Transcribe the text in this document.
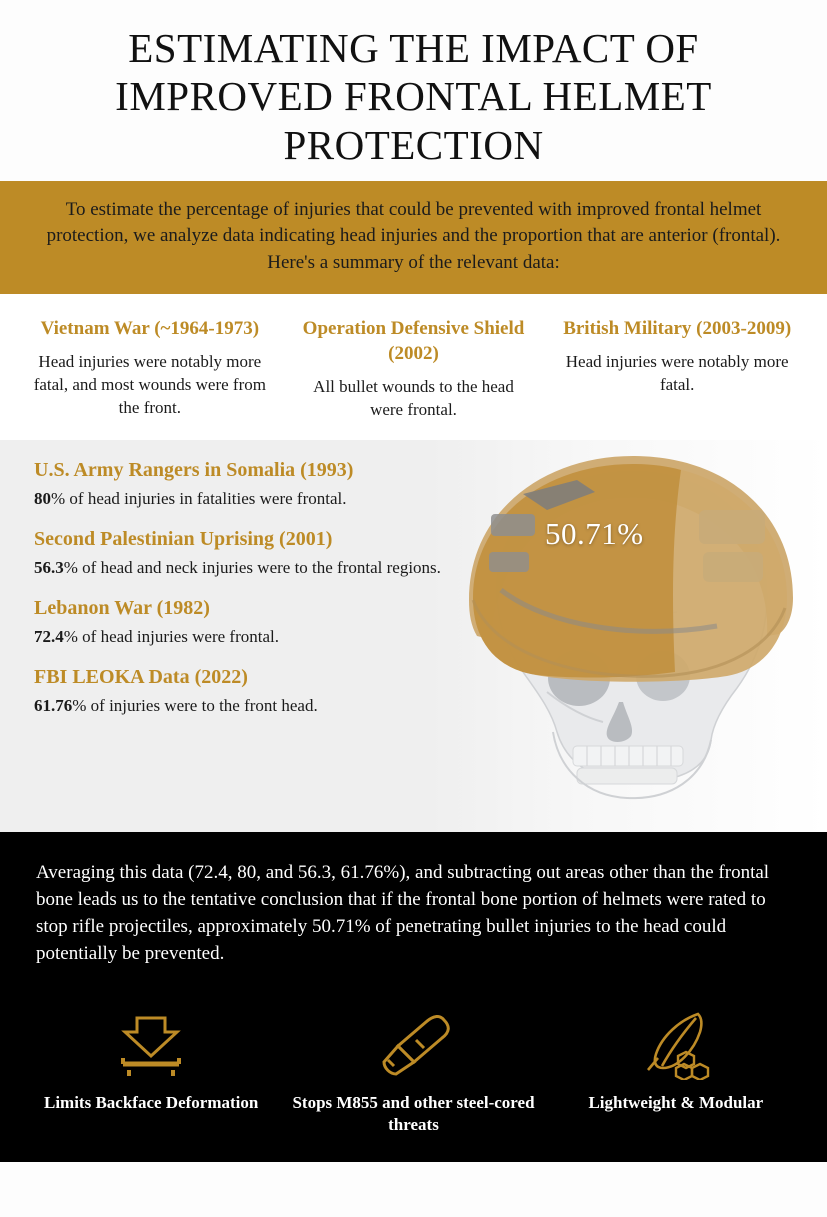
ESTIMATING THE IMPACT OF IMPROVED FRONTAL HELMET PROTECTION
To estimate the percentage of injuries that could be prevented with improved frontal helmet protection, we analyze data indicating head injuries and the proportion that are anterior (frontal). Here's a summary of the relevant data:
Vietnam War (~1964-1973)
Head injuries were notably more fatal, and most wounds were from the front.
Operation Defensive Shield (2002)
All bullet wounds to the head were frontal.
British Military (2003-2009)
Head injuries were notably more fatal.
U.S. Army Rangers in Somalia (1993)
80% of head injuries in fatalities were frontal.
Second Palestinian Uprising (2001)
56.3% of head and neck injuries were to the frontal regions.
Lebanon War (1982)
72.4% of head injuries were frontal.
FBI LEOKA Data (2022)
61.76% of injuries were to the front head.
50.71%

Averaging this data (72.4, 80, and 56.3, 61.76%), and subtracting out areas other than the frontal bone leads us to the tentative conclusion that if the frontal bone portion of helmets were rated to stop rifle projectiles, approximately 50.71% of penetrating bullet injuries to the head could potentially be prevented.

Limits Backface Deformation	Stops M855 and other steel-cored threats
Lightweight & Modular
